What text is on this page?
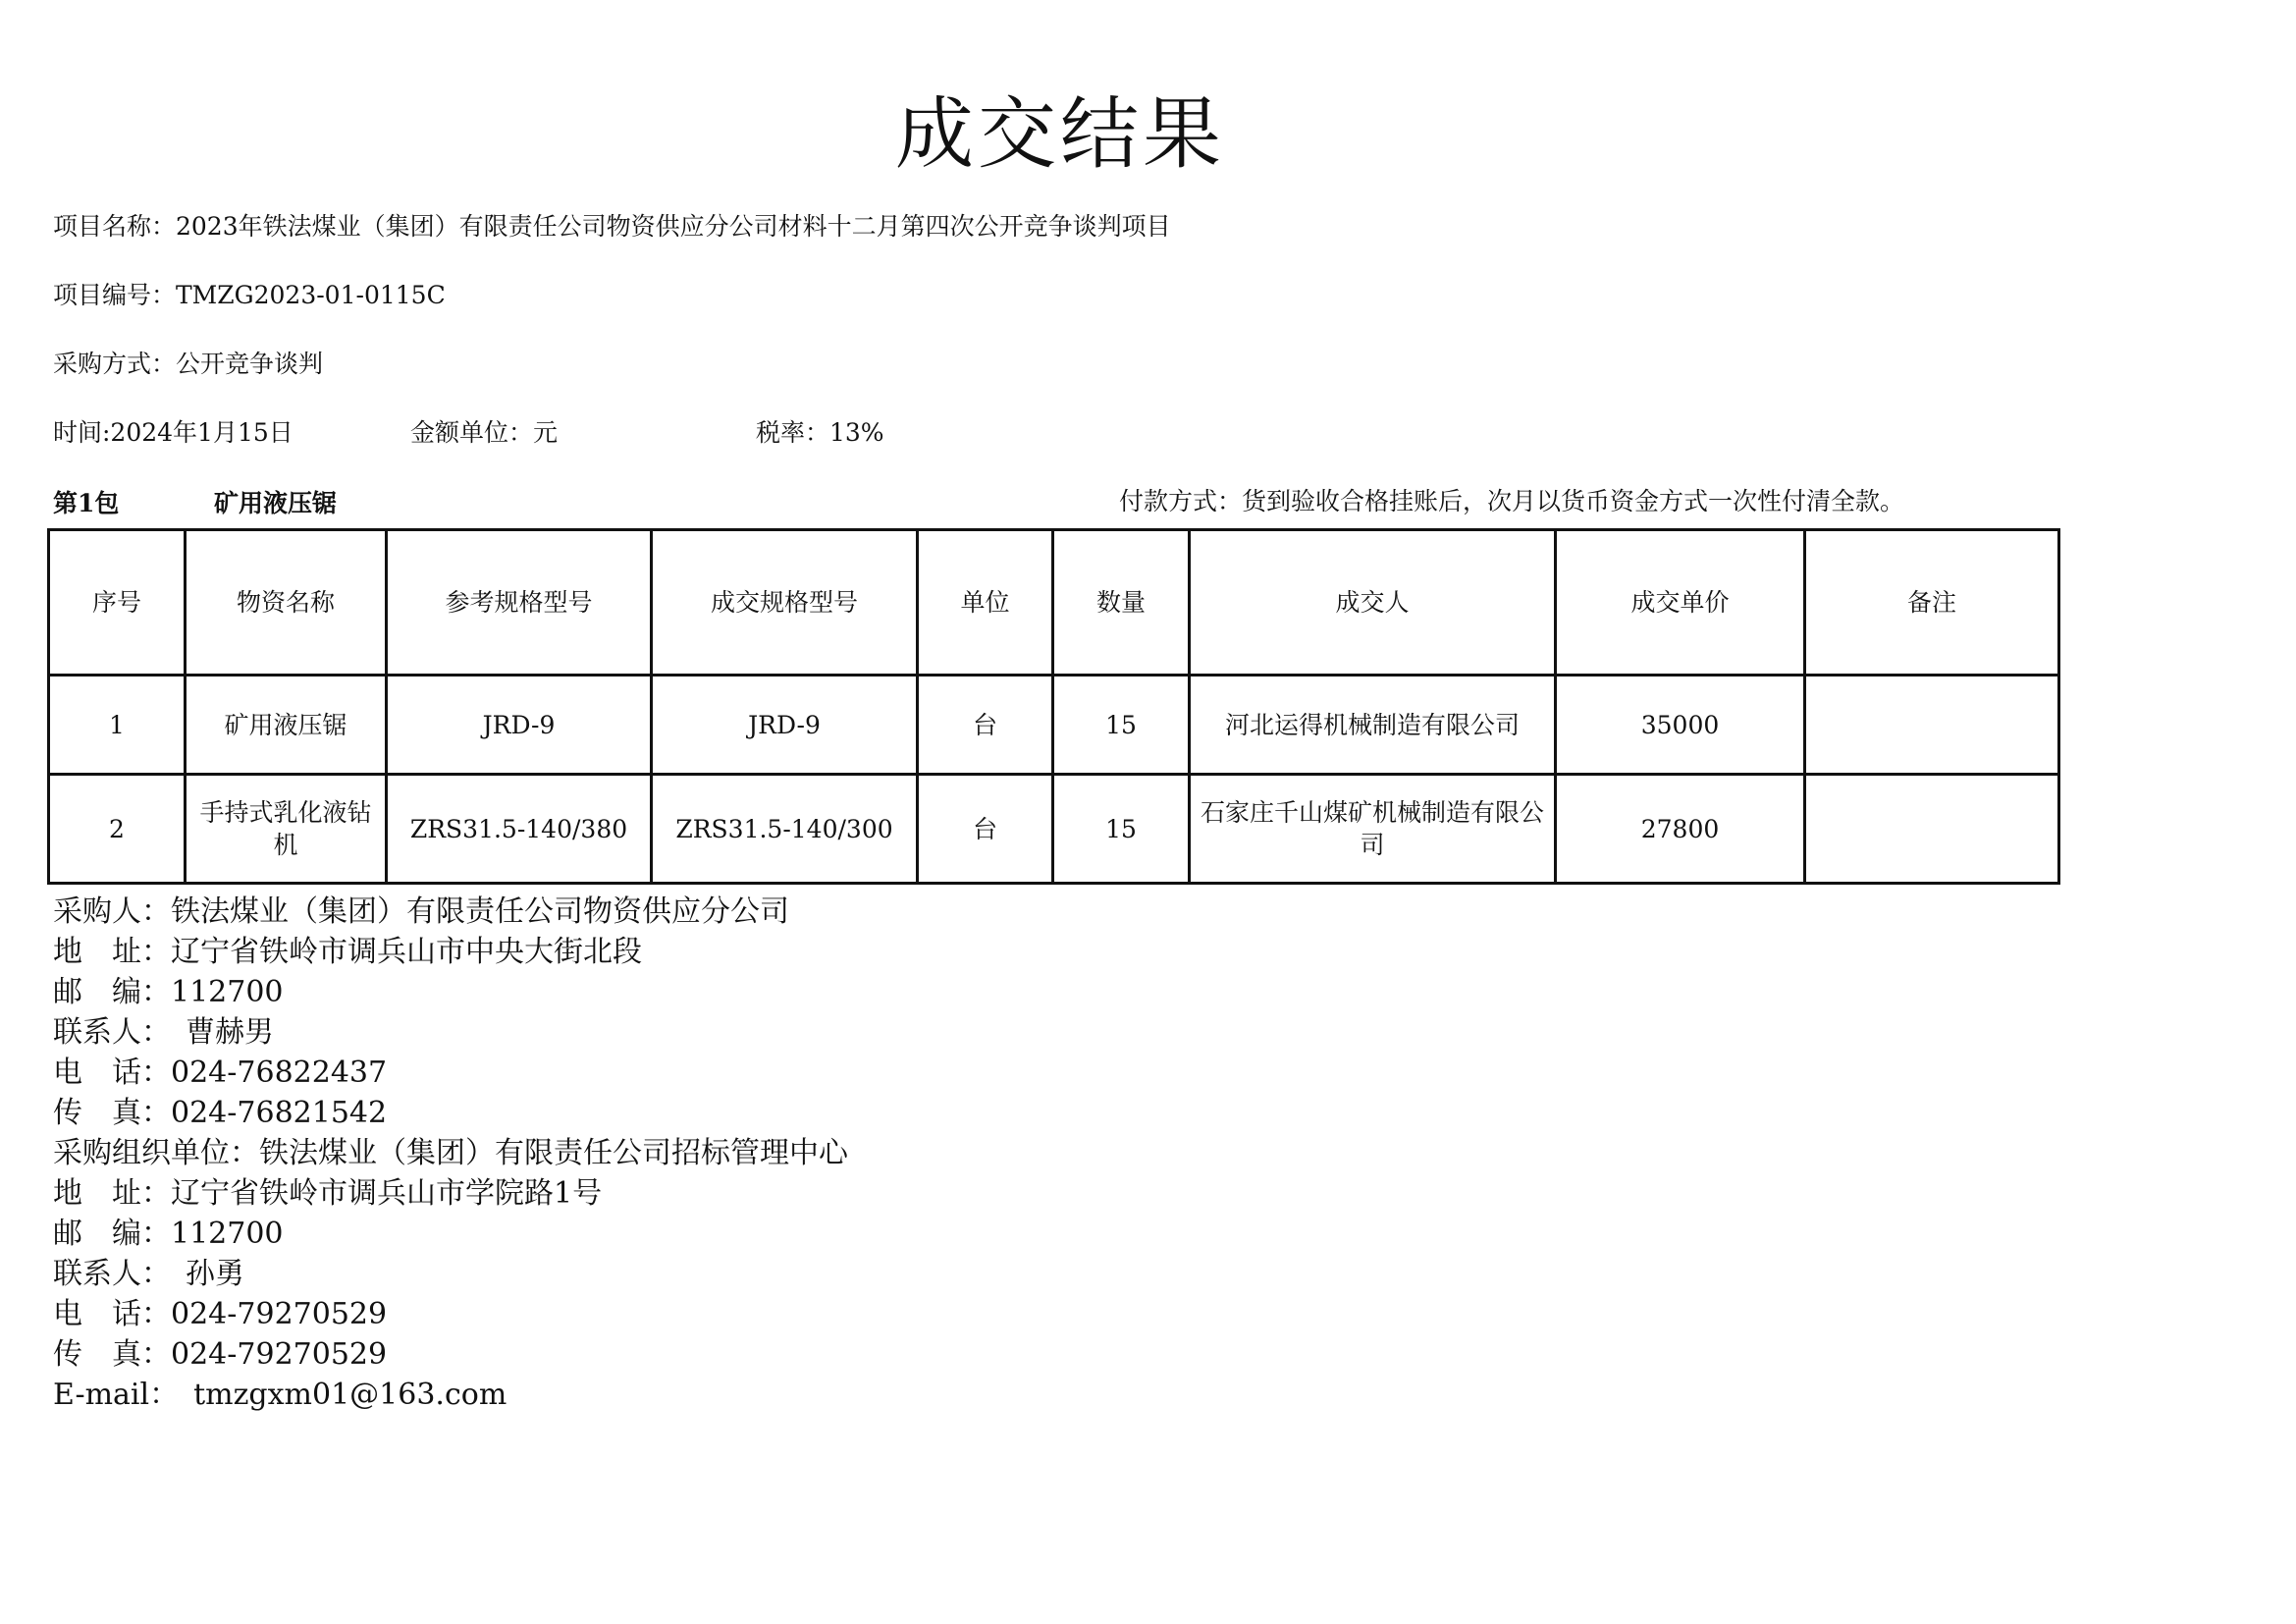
成交结果
项目名称：2023年铁法煤业（集团）有限责任公司物资供应分公司材料十二月第四次公开竞争谈判项目
项目编号：TMZG2023-01-0115C
采购方式：公开竞争谈判
时间:2024年1月15日	金额单位：元	税率：13%
第1包	矿用液压锯	付款方式：货到验收合格挂账后，次月以货币资金方式一次性付清全款。
序号	物资名称	参考规格型号	成交规格型号	单位	数量	成交人	成交单价	备注
1	矿用液压锯	JRD-9	JRD-9	台	15	河北运得机械制造有限公司	35000	
2	手持式乳化液钻机	ZRS31.5-140/380	ZRS31.5-140/300	台	15	石家庄千山煤矿机械制造有限公司	27800	
采购人：铁法煤业（集团）有限责任公司物资供应分公司
地　址：辽宁省铁岭市调兵山市中央大街北段
邮　编：112700
联系人：　曹赫男
电　话：024-76822437
传　真：024-76821542
采购组织单位：铁法煤业（集团）有限责任公司招标管理中心
地　址：辽宁省铁岭市调兵山市学院路1号
邮　编：112700
联系人：　孙勇
电　话：024-79270529
传　真：024-79270529
E-mail：　tmzgxm01@163.com
